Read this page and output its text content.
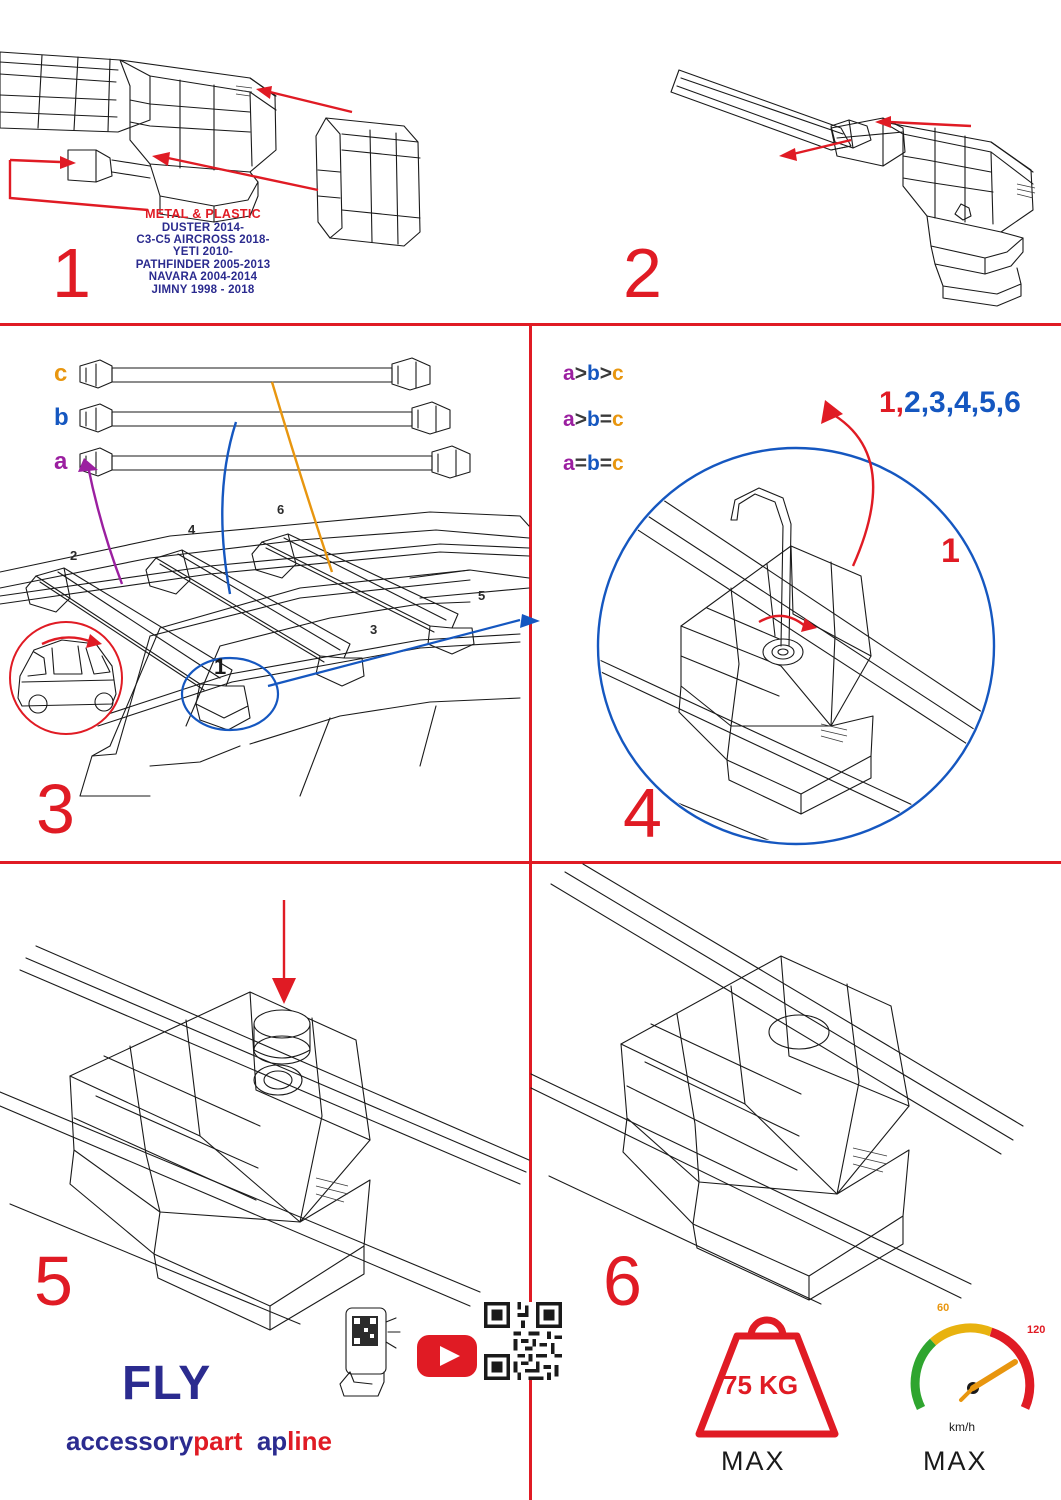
METAL & PLASTIC
DUSTER 2014-
C3-C5 AIRCROSS 2018-
YETI 2010-
PATHFINDER 2005-2013
NAVARA 2004-2014
JIMNY 1998 - 2018
1	2
1
c
b
a
2
4
6
3
5
3
a>b>c
a>b=c
a=b=c
1,2,3,4,5,6
1
4
5
FLY
accessorypart apline
6
75 KG
MAX
60
120
km/h
MAX
